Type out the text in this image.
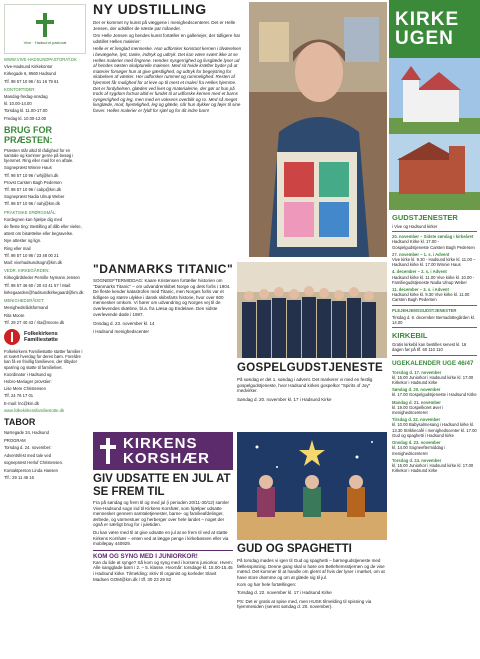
Vive · Hadsund pastorat

WWW.VIVE-HADSUNDPASTORAT.DK

Vive-Hadsund Kirkekontor

Kirkegade 6, 9560 Hadsund

Tlf. 98 57 10 96 / 51 16 79 61

KONTORTIDER:

Mandag-fredag-onsdag

kl. 10.00-14.00

Torsdag kl. 11.00-17.00

Fredag kl. 10.00-12.00

BRUG FOR PRÆSTEN:

Præsten står altid til rådighed for en samtale og kommer gerne på besøg i hjemmet. Ring eller mail for en aftale.

Sognepræst Winnie Haus

Tlf. 98 57 10 96 / whj@km.dk

Provst Carsten Bagh Pedersen

Tlf. 98 57 10 96 / cabp@km.dk

Sognepræst Nadia Ulnup Weber

Tlf. 98 57 10 96 / nahj@km.dk

PRAKTISKE SPØRGSMÅL:

Kordegnen kan hjælpe dig med

de fleste ting: Bestilling af dåb eller vielse,

attest om bisættelse eller begravelse.

Nye attester og lign.

Ring eller mail

Tlf. 98 57 10 96 / 23 48 00 21

Mail: vivehadsundsogn@km.dk

VEDR. KIRKEGÅRDEN:

Kirkegårdsleder Pernille Nymann Jensen

Tlf. 98 57 46 60 / 20 43 41 57 / Mail:

kirkegaarden@hadsundkirkegaard@km.dk

MENIGHEDSRÅDET:

Menighedsrådsformand

Rita Moore

Tlf. 29 27 40 43 / rita@moore.dk

Folkekirkens Familiestøtte

Folkekirkens Familiestøtte støtter familier i et svært hverdag for deres børn. Foreldre kan få en frivillig familieven, der tilbyder sparring og støtte til familielivet.

Koordinator i Hadsund og

Hobro-Mariager provstier:

Lise Mere Christensen

Tlf. 24 76 17 01

E-mail: lnc@km.dk

www.folkekirkensfamiliestotte.dk

TABOR

Nørregade 34, Hadsund

PROGRAM

Torsdag d. 24. november:

Adventsfest med tale ved

sognepræst Herluf Christensen.

Kontaktperson Linda Hansen

Tlf.: 29 11 46 16

NY UDSTILLING

Der er kommet ny kunst på væggene i menighedscenteret. Det er Helle Jensen, der udstiller de næste par måneder.

Om Helle Jensen og hendes kunst fortæller en galleriejer, der tidligere har udstillet Helles malerier:

Helle er et livsglad menneske. Hun udforsker konstant kernen i tilværelsen i bevægelse, lyst, tanke, indtryk og udtryk. Det kan være svært ikke at se Helles malerier med fingrene. Hendes nysgerrighed og livsglæde lyser ud af hendes nøsten skulpturelle malerier. Med sit hvide kræfter byder på at materier forsøger hun at give gæstlighed, og udtryk for begejstring for skabelsen af værker. Her udforsker rummet og rummelighed. Resten af hjemmet får mulighed for at leve op til mest et maleri fra Helles hjemme. Det er fordybelsen, glæden ved livet og materialerne, der gør at hun på trods af sygdom fortsat altid er fundet til at udforske kernen med et barns nysgerrighed og leg, men med en voksens overblik og ro. Med så meget livsglæde, mod, hjertelighed, leg og glæde, når hun dykker og føjer til sine farver. Helles malerier er fyldt for sjæl og for dit indre barn!

"DANMARKS TITANIC"

SOGNEEFTERMIDDAG: Kaare Kristensen fortæller historien om "Danmarks Titanic" – om udvandrerskibet Norge og dets forlis i 1904. De fleste kender katastrofen med Titanic, men Norges forlis var et tidligere og større ulykke i dansk skibsfarts historie, hvor over 600 mennesker omkom. Vi hører om udvandring og Norges vej til de overlevendes skæbne, bl.a. fra Læsø og Endelave. Den sidste overlevende døde i 1987.

Onsdag d. 23. november kl. 14

i Hadsund menighedscenter

GOSPELGUDSTJENESTE

På søndag er det 1. søndag i advent. Det markerer vi med en festlig gospelgudstjeneste, hvor Hadsund kirkes gospelkor "Spirits of Joy" medvirker.

Søndag d. 20. november kl. 17 i Hadsund Kirke

KIRKENS
KORSHÆR
GIV UDSATTE EN JUL AT SE FREM TIL

Fra på søndag og frem til og med jul (i perioden 20/11-30/12) samler Vive-Hadsund sogn ind til Kirkens Korshær, som hjælper udsatte mennesker gennem samtaletjenester, barne- og familieafdelinger, ærbede, og varmestuer og herberger over hele landet – noget der også er særligt brug for i juletiden.

Du kan være med til at give udsatte en jul at se frem til ved at støtte Kirkens Korshær – enten ved at lægge penge i kirkebøssen eller via mobilepay 440929.

KOM OG SYNG MED I JUNIORKOR!

Kan du lide at synge? Så kom og syng med i korsens juniorkor. Hvem: Alle sangglade børn i 2. – 5. klasse. Hvornår: torsdage kl. 15.00-15.45 i Hadsund kirke. Tilmelding: skriv til organist og korleder Slavit Madsen GOM@km.dk / tlf. 30 23 29 82

GUD OG SPAGHETTI

På torsdag mødes vi igen til Gud og spaghetti – børnegudstjeneste med fællesspisning. Denne gang skal vi høre om Betlehemsstjernen og de vise mænd. Det kommer til at handle om glemt af hvis der lyser i mørket, om at have store drømme og om at glæde sig til jul.

Kom og hør hele fortællingen:

Torsdag d. 22. november kl. 17 i Hadsund Kirke

PS: Det er gratis at spise med, men HUSK tilmelding til spisning via hjemmesiden (senest søndag d. 20. november).

KIRKE
UGEN
GUDSTJENESTER
i Vive og Hadsund kirker
20. november – Sidste søndag i kirkeåret
Hadsund Kirke kl. 17.00 - Gospelgudstjeneste Carsten Bagh Pedersen
27. november – 1. s. i Advent
Vive kirke kl. 9.30 - Hadsund kirke kl. 11.00 – Hadsund kirke kl. 17.00 Winnie Haus
4. december – 2. s. i Advent
Hadsund kirke kl. 11.00 Vive kirke kl. 10.00 - Familiegudstjeneste Nadia Ulnup Weber
11. december – 3. s. i Advent
Hadsund kirke kl. 9.30 Vive kirke kl. 11.00 Carsten Bagh Pedersen
PLEJEHJEMSGUDSTJENESTER
Tirsdag d. 6. december Bernadottegården kl. 14.00
KIRKEBIL
Gratis kirkebil kan bestilles senest kl. 16 dagen før på tlf. 60 110 110
UGEKALENDER UGE 46/47
Torsdag d. 17. november
kl. 15.00 Juniorkor i Hadsund kirke kl. 17.00 Kirkekor i Hadsund kirke
Søndag d. 20. november
kl. 17.00 Gospelgudstjeneste i Hadsund Kirke
Mandag d. 21. november
kl. 19.00 Gospelkoret øver i menighedscenteret
Tirsdag d. 22. november
kl. 10.00 Babysalmesang i Hadsund kirke kl. 13.30 Strikkecafé i menighedscenter kl. 17.00 Gud og spaghetti i Hadsund kirke
Onsdag d. 23. november
kl. 14.00 Sogneeftermiddag i menighedscenteret
Torsdag d. 24. november
kl. 15.00 Juniorkor i Hadsund kirke kl. 17.00 Kirkekor i Hadsund kirke
